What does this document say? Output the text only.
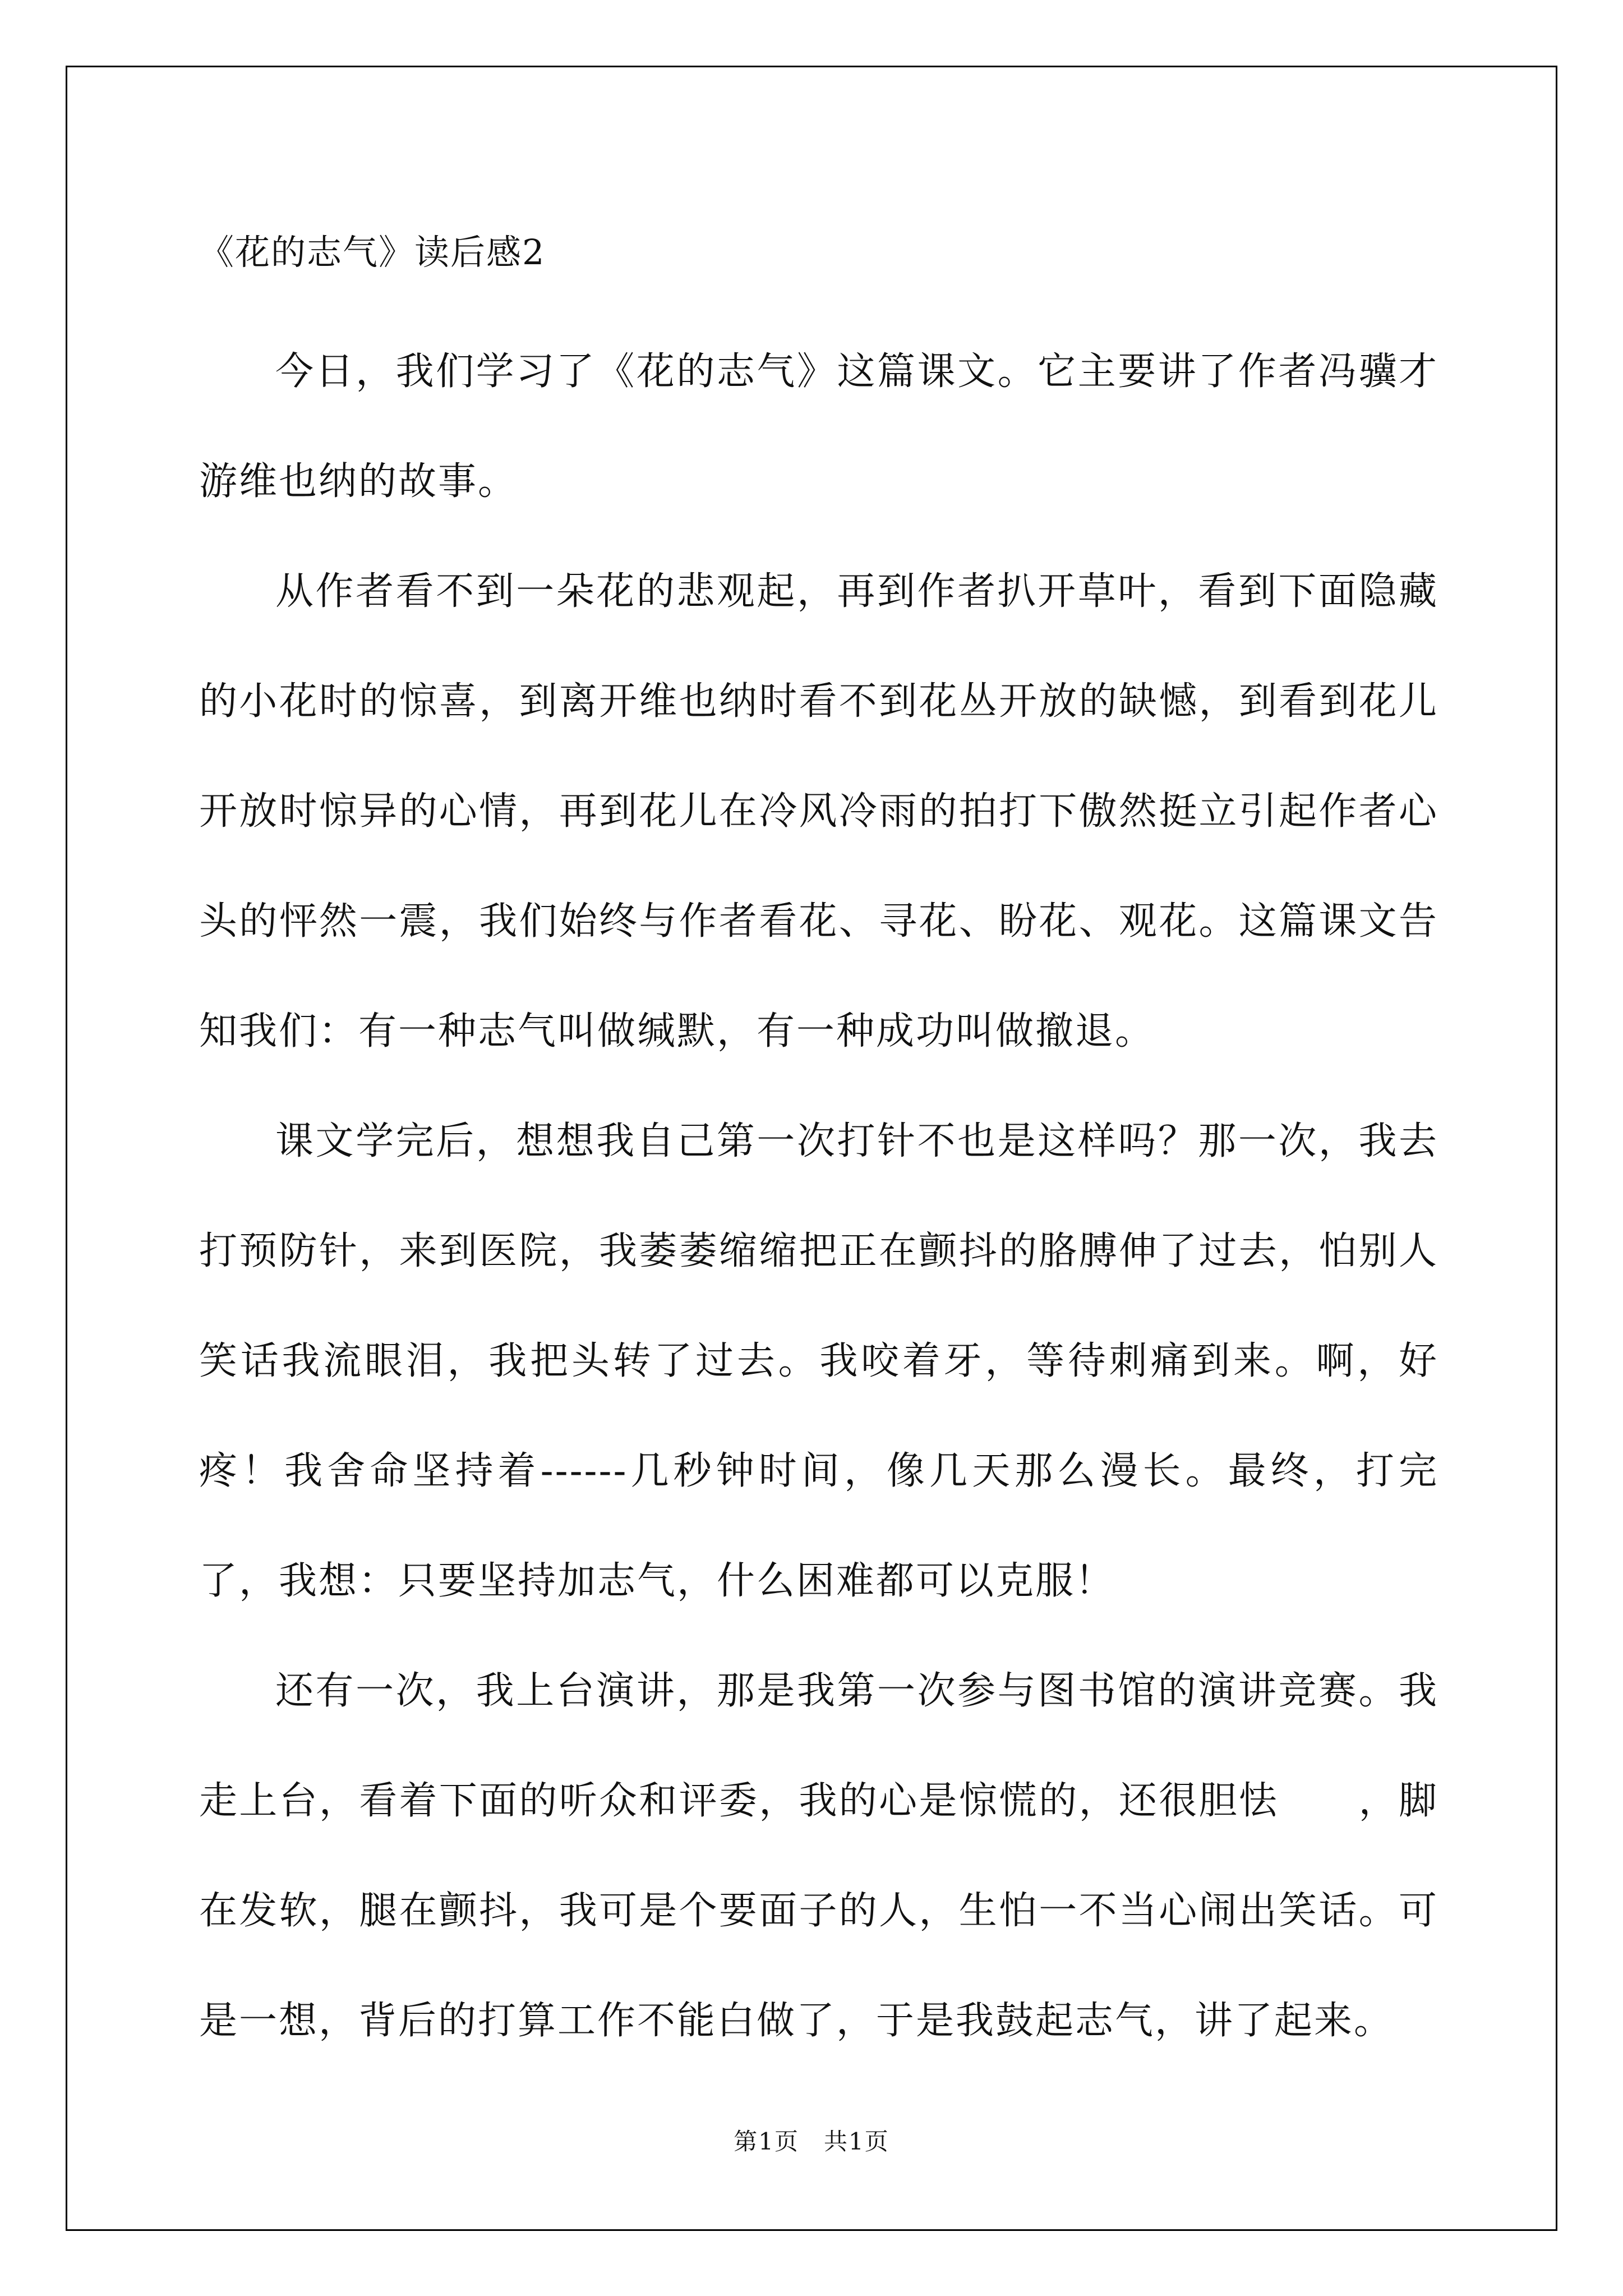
《花的志气》读后感2

今日，我们学习了《花的志气》这篇课文。它主要讲了作者冯骥才游维也纳的故事。

从作者看不到一朵花的悲观起，再到作者扒开草叶，看到下面隐藏的小花时的惊喜，到离开维也纳时看不到花丛开放的缺憾，到看到花儿开放时惊异的心情，再到花儿在冷风冷雨的拍打下傲然挺立引起作者心头的怦然一震，我们始终与作者看花、寻花、盼花、观花。这篇课文告知我们：有一种志气叫做缄默，有一种成功叫做撤退。

课文学完后，想想我自己第一次打针不也是这样吗？那一次，我去打预防针，来到医院，我萎萎缩缩把正在颤抖的胳膊伸了过去，怕别人笑话我流眼泪，我把头转了过去。我咬着牙，等待刺痛到来。啊，好疼！我舍命坚持着------几秒钟时间，像几天那么漫长。最终，打完了，我想：只要坚持加志气，什么困难都可以克服！

还有一次，我上台演讲，那是我第一次参与图书馆的演讲竞赛。我走上台，看着下面的听众和评委，我的心是惊慌的，还很胆怯　　，脚在发软，腿在颤抖，我可是个要面子的人，生怕一不当心闹出笑话。可是一想，背后的打算工作不能白做了，于是我鼓起志气，讲了起来。

第1页　共1页
